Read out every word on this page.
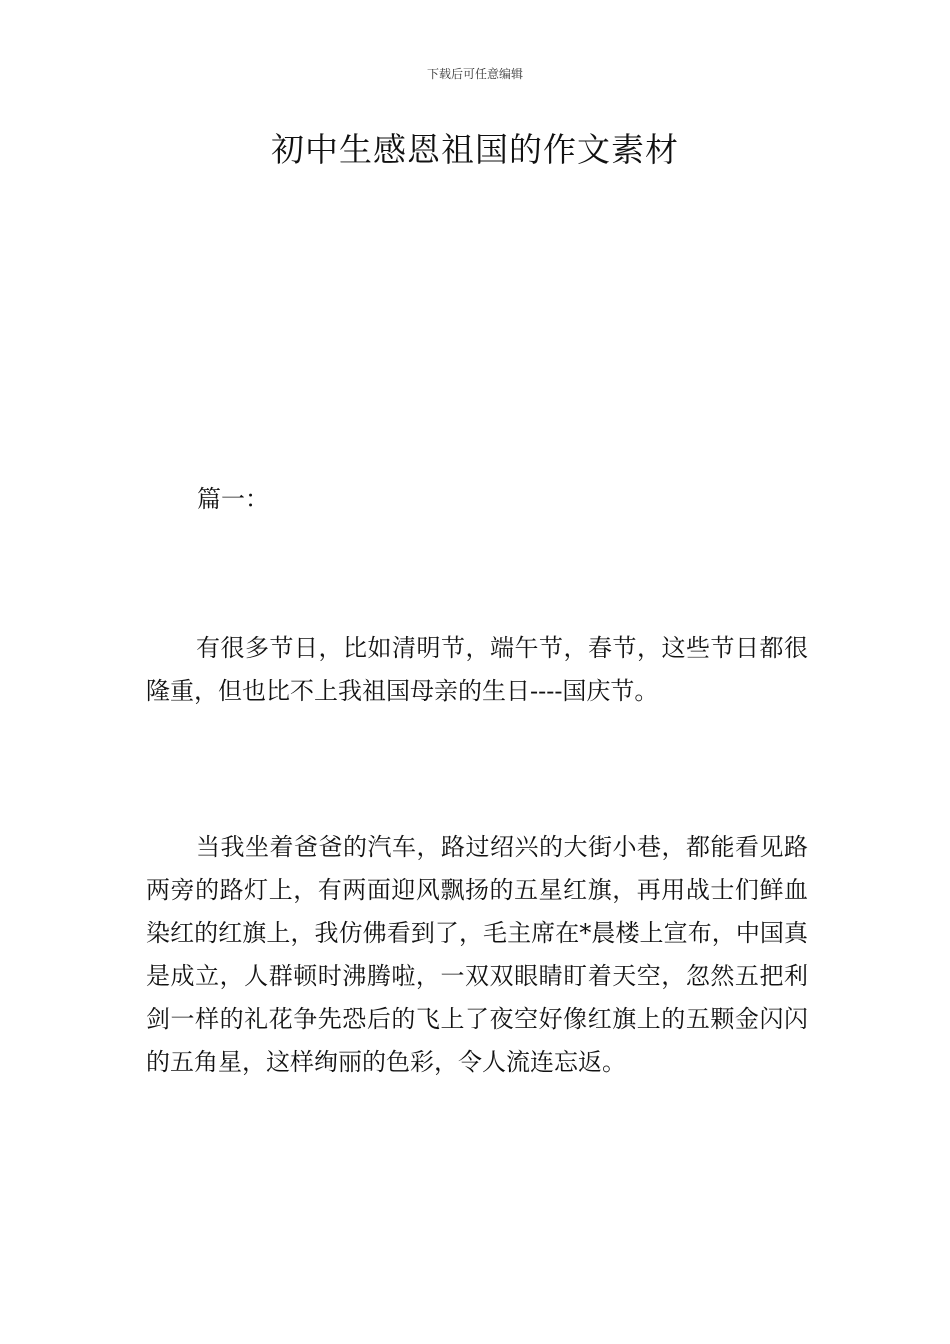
下载后可任意编辑
初中生感恩祖国的作文素材
篇一：

有很多节日，比如清明节，端午节，春节，这些节日都很隆重，但也比不上我祖国母亲的生日----国庆节。

当我坐着爸爸的汽车，路过绍兴的大街小巷，都能看见路两旁的路灯上，有两面迎风飘扬的五星红旗，再用战士们鲜血染红的红旗上，我仿佛看到了，毛主席在*晨楼上宣布，中国真是成立，人群顿时沸腾啦，一双双眼睛盯着天空，忽然五把利剑一样的礼花争先恐后的飞上了夜空好像红旗上的五颗金闪闪的五角星，这样绚丽的色彩，令人流连忘返。
